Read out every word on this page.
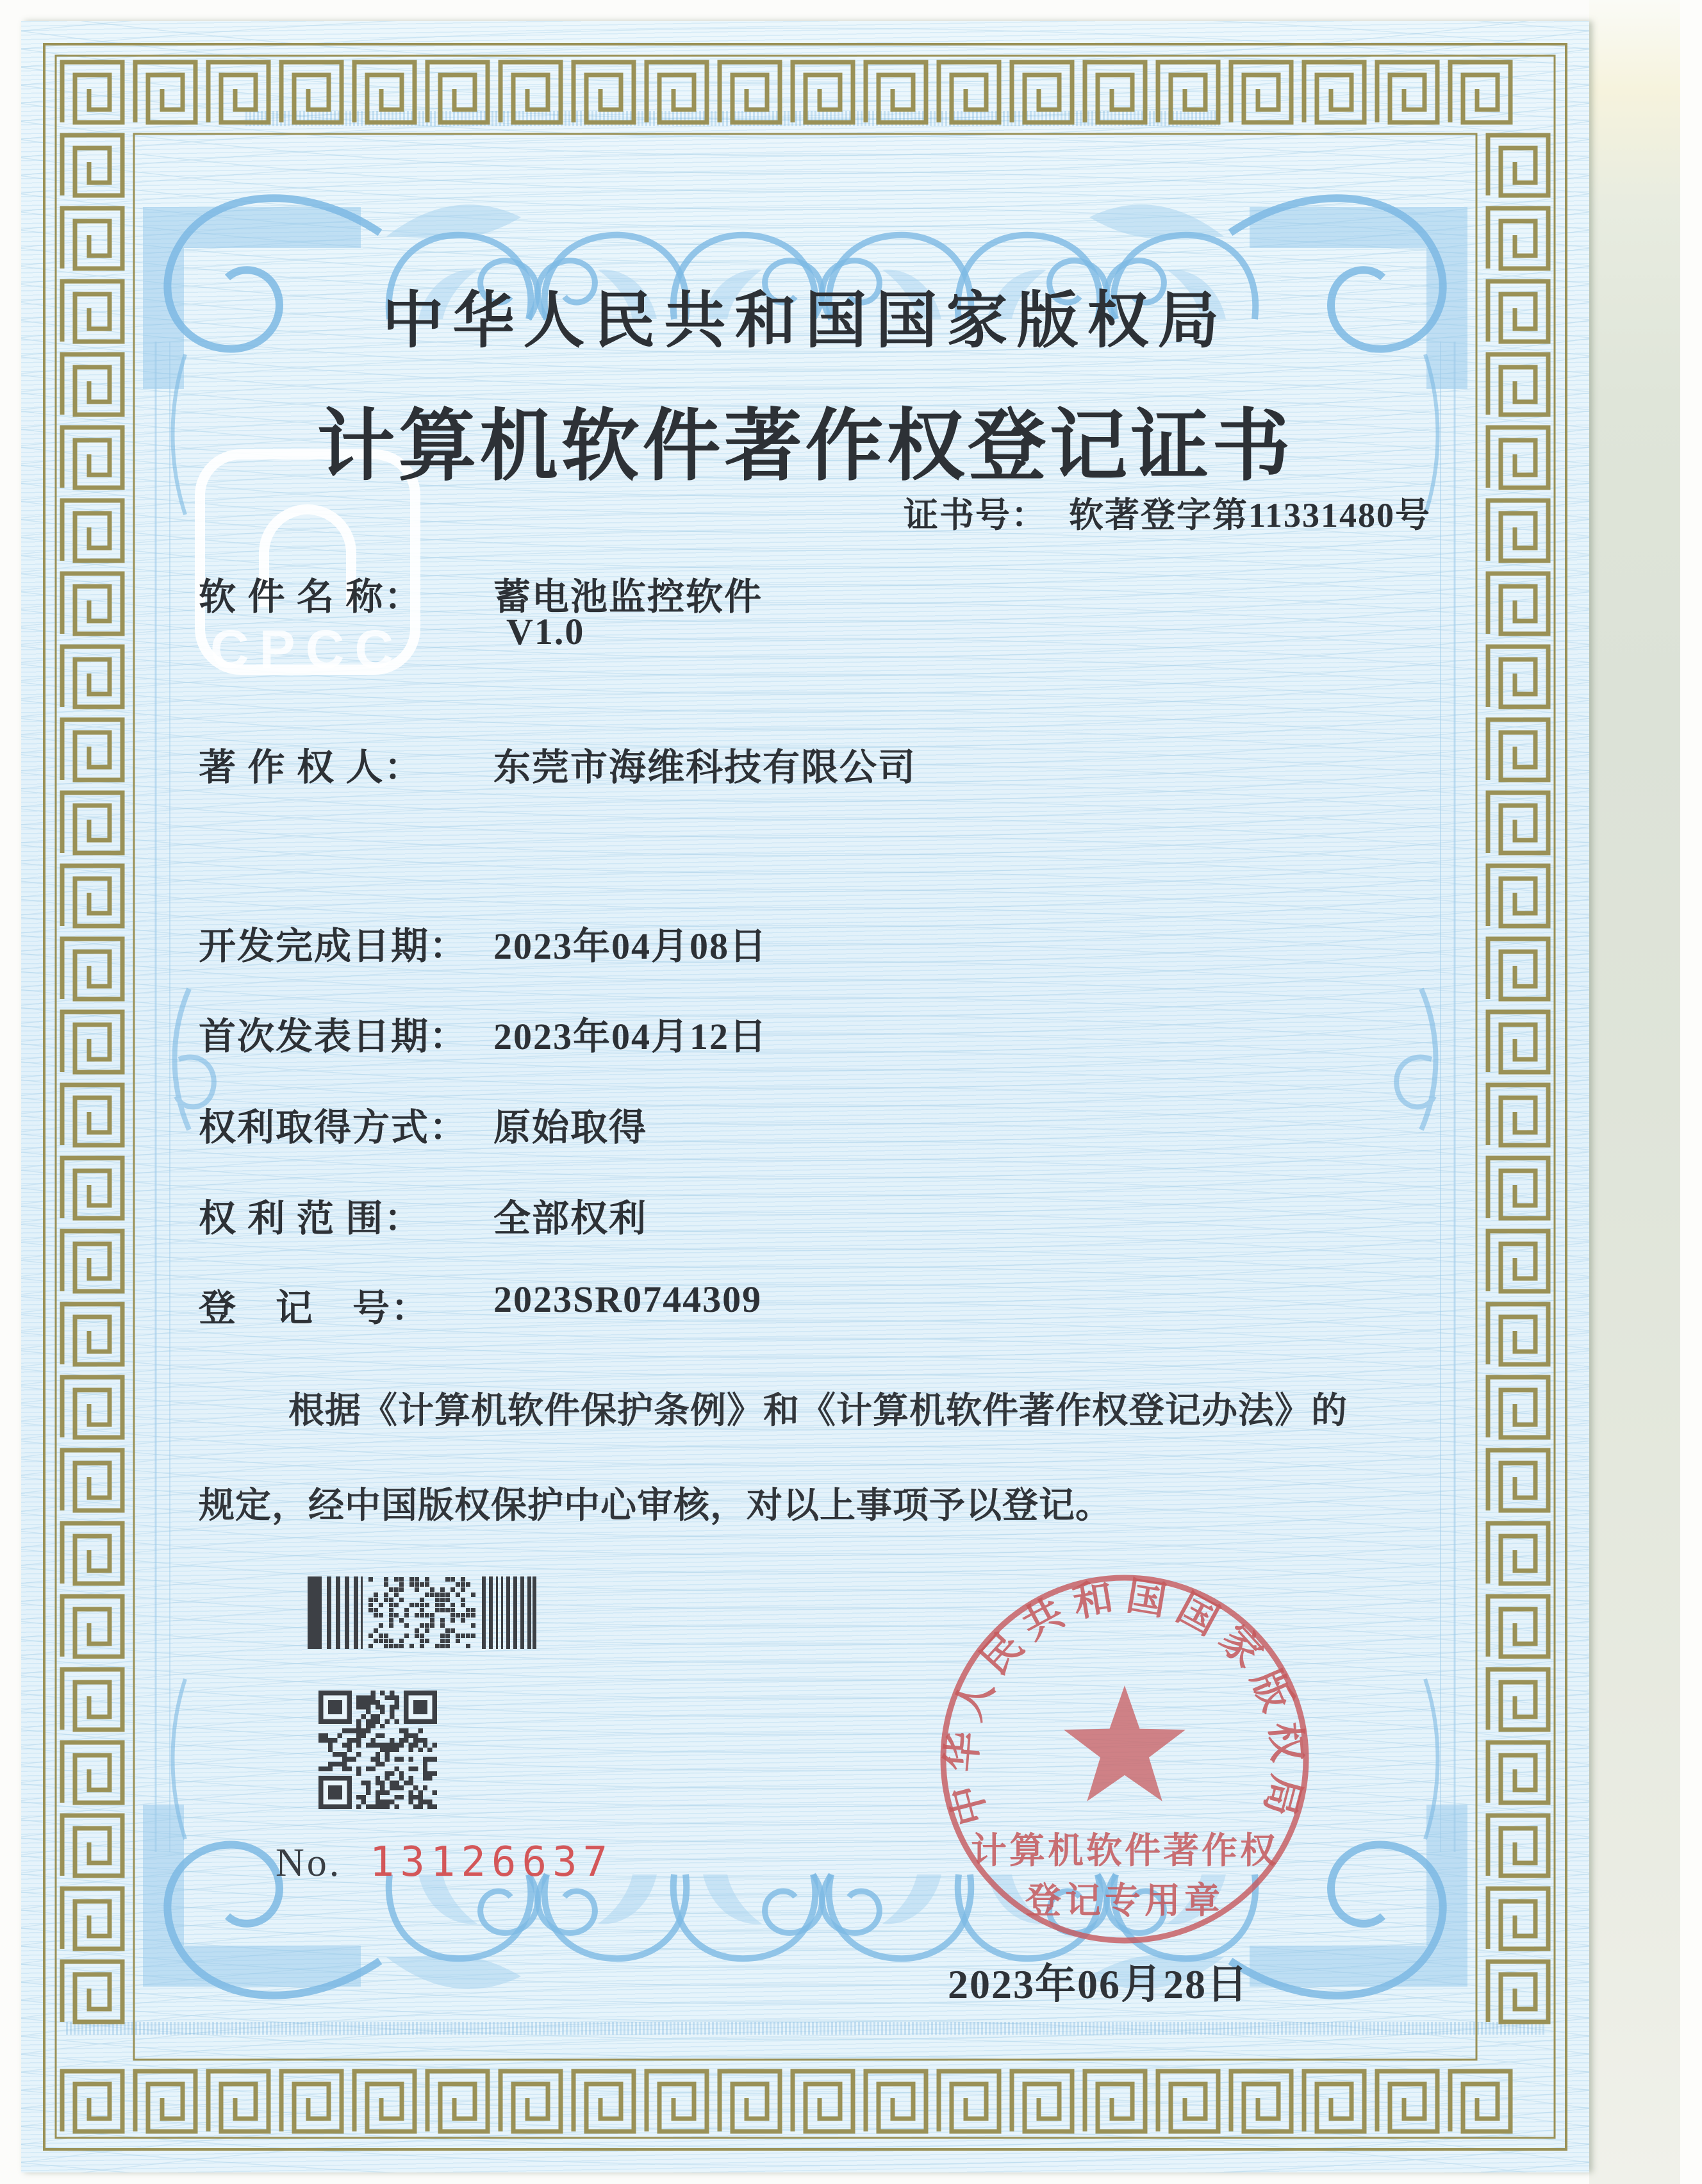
CPCC
中华人民共和国国家版权局
计算机软件著作权登记证书
证书号： 软著登字第11331480号
软 件 名 称： 蓄电池监控软件
V1.0
著 作 权 人： 东莞市海维科技有限公司
开发完成日期： 2023年04月08日
首次发表日期： 2023年04月12日
权利取得方式： 原始取得
权 利 范 围： 全部权利
登　记　号： 2023SR0744309
根据《计算机软件保护条例》和《计算机软件著作权登记办法》的
规定，经中国版权保护中心审核，对以上事项予以登记。
No. 13126637
中华人民共和国国家版权局
计算机软件著作权
登记专用章
2023年06月28日
